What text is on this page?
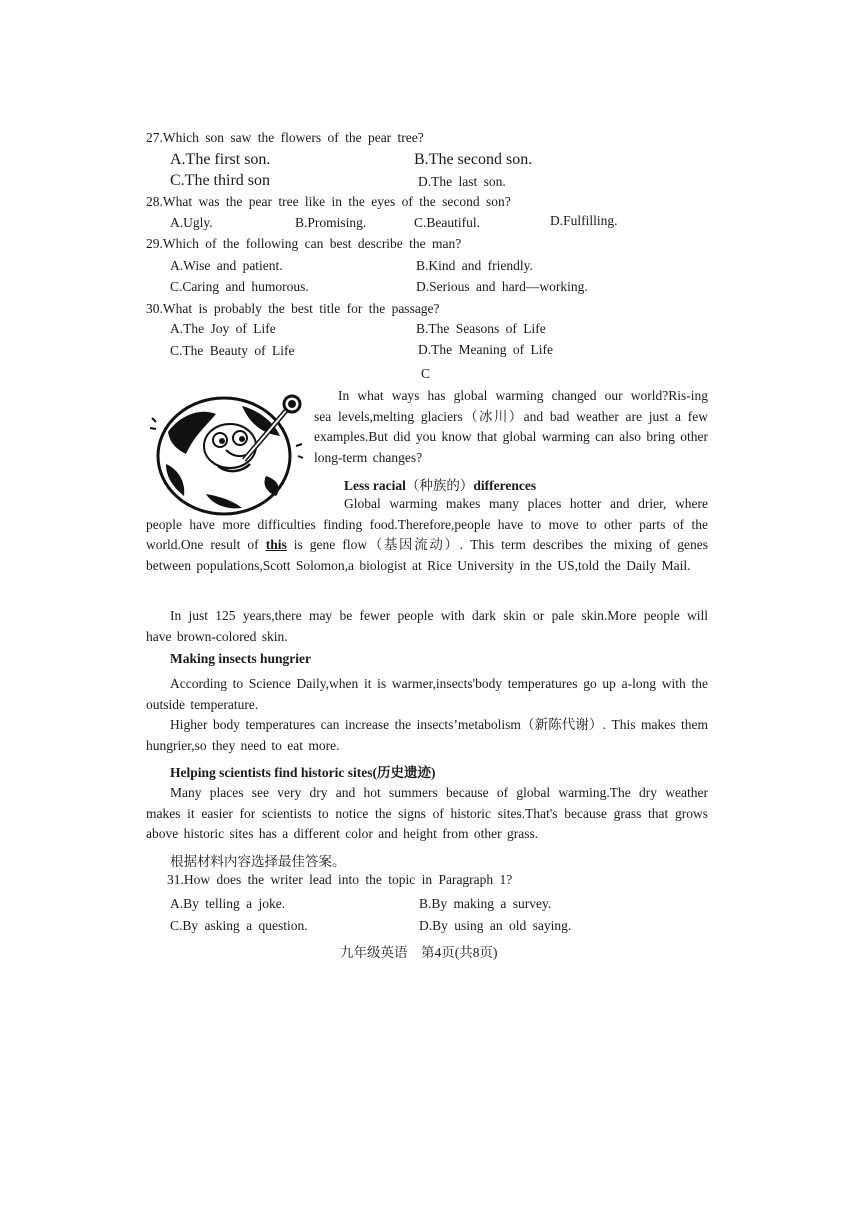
27.Which son saw the flowers of the pear tree?
A.The first son.	B.The second son.
C.The third son	D.The last son.
28.What was the pear tree like in the eyes of the second son?
A.Ugly.	B.Promising.	C.Beautiful.	D.Fulfilling.
29.Which of the following can best describe the man?
A.Wise and patient.	B.Kind and friendly.
C.Caring and humorous.	D.Serious and hard—working.
30.What is probably the best title for the passage?
A.The Joy of Life	B.The Seasons of Life
C.The Beauty of Life	D.The Meaning of Life
C

In what ways has global warming changed our world?Ris-ing sea levels,melting glaciers（冰川）and bad weather are just a few examples.But did you know that global warming can also bring other long-term changes?

Less racial（种族的）differences

Global warming makes many places hotter and drier, where people have more difficulties finding food.Therefore,people have to move to other parts of the world.One result of this is gene flow（基因流动）. This term describes the mixing of genes between populations,Scott Solomon,a biologist at Rice University in the US,told the Daily Mail.

In just 125 years,there may be fewer people with dark skin or pale skin.More people will have brown-colored skin.

Making insects hungrier

According to Science Daily,when it is warmer,insects'body temperatures go up a-long with the outside temperature.

Higher body temperatures can increase the insects’metabolism（新陈代谢）. This makes them hungrier,so they need to eat more.

Helping scientists find historic sites(历史遗迹)

Many places see very dry and hot summers because of global warming.The dry weather makes it easier for scientists to notice the signs of historic sites.That's because grass that grows above historic sites has a different color and height from other grass.

根据材料内容选择最佳答案。
31.How does the writer lead into the topic in Paragraph 1?
A.By telling a joke.	B.By making a survey.
C.By asking a question.	D.By using an old saying.
九年级英语　第4页(共8页)
